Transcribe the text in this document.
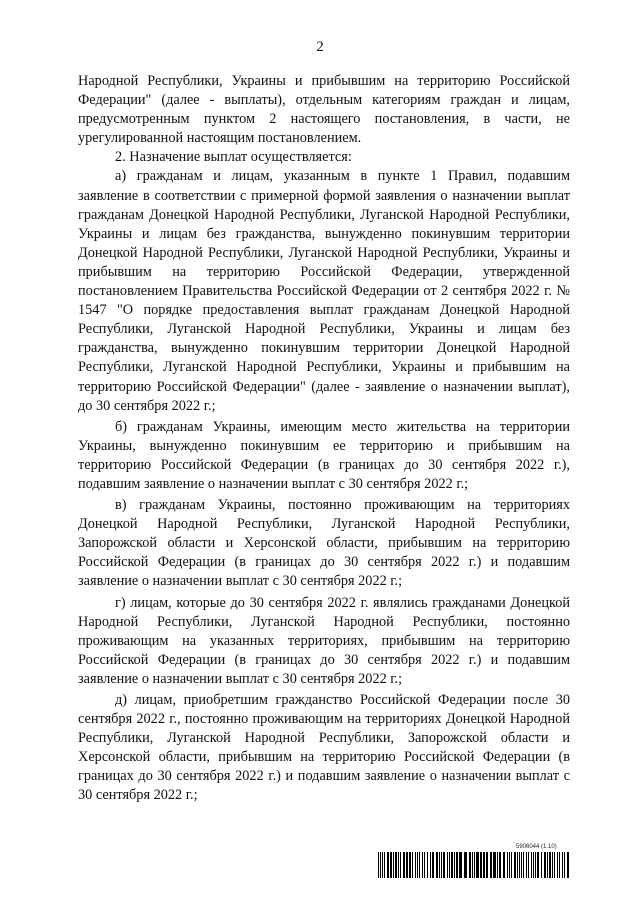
2

Народной Республики, Украины и прибывшим на территорию Российской Федерации" (далее - выплаты), отдельным категориям граждан и лицам, предусмотренным пунктом 2 настоящего постановления, в части, не урегулированной настоящим постановлением.

2. Назначение выплат осуществляется:

а) гражданам и лицам, указанным в пункте 1 Правил, подавшим заявление в соответствии с примерной формой заявления о назначении выплат гражданам Донецкой Народной Республики, Луганской Народной Республики, Украины и лицам без гражданства, вынужденно покинувшим территории Донецкой Народной Республики, Луганской Народной Республики, Украины и прибывшим на территорию Российской Федерации, утвержденной постановлением Правительства Российской Федерации от 2 сентября 2022 г. № 1547 "О порядке предоставления выплат гражданам Донецкой Народной Республики, Луганской Народной Республики, Украины и лицам без гражданства, вынужденно покинувшим территории Донецкой Народной Республики, Луганской Народной Республики, Украины и прибывшим на территорию Российской Федерации" (далее - заявление о назначении выплат), до 30 сентября 2022 г.;

б) гражданам Украины, имеющим место жительства на территории Украины, вынужденно покинувшим ее территорию и прибывшим на территорию Российской Федерации (в границах до 30 сентября 2022 г.), подавшим заявление о назначении выплат с 30 сентября 2022 г.;

в) гражданам Украины, постоянно проживающим на территориях Донецкой Народной Республики, Луганской Народной Республики, Запорожской области и Херсонской области, прибывшим на территорию Российской Федерации (в границах до 30 сентября 2022 г.) и подавшим заявление о назначении выплат с 30 сентября 2022 г.;

г) лицам, которые до 30 сентября 2022 г. являлись гражданами Донецкой Народной Республики, Луганской Народной Республики, постоянно проживающим на указанных территориях, прибывшим на территорию Российской Федерации (в границах до 30 сентября 2022 г.) и подавшим заявление о назначении выплат с 30 сентября 2022 г.;

д) лицам, приобретшим гражданство Российской Федерации после 30 сентября 2022 г., постоянно проживающим на территориях Донецкой Народной Республики, Луганской Народной Республики, Запорожской области и Херсонской области, прибывшим на территорию Российской Федерации (в границах до 30 сентября 2022 г.) и подавшим заявление о назначении выплат с 30 сентября 2022 г.;

5906044 (1.10)
